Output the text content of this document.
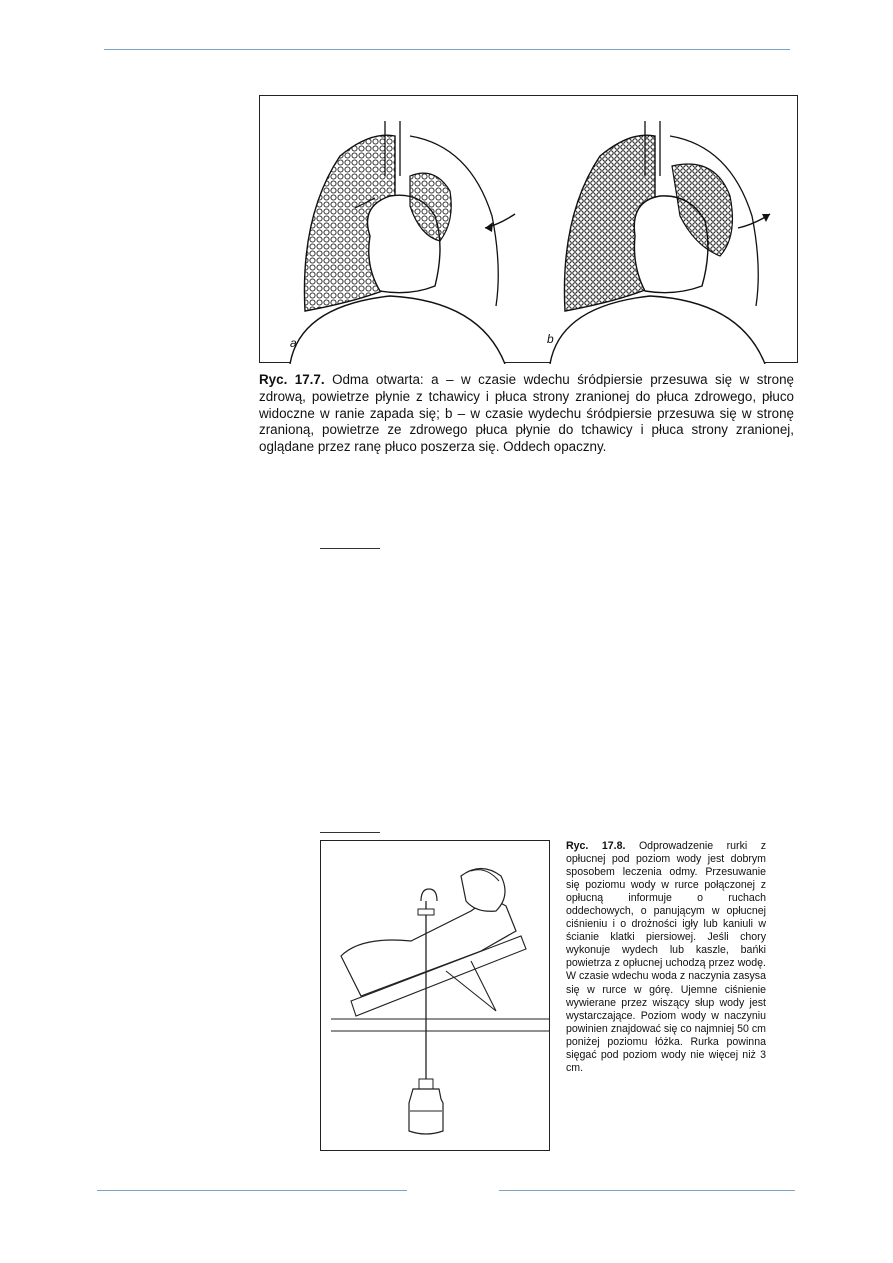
a	b
Ryc. 17.7. Odma otwarta: a – w czasie wdechu śródpiersie przesuwa się w stronę zdrową, powietrze płynie z tchawicy i płuca strony zranionej do płuca zdrowego, płuco widoczne w ranie zapada się; b – w czasie wydechu śródpiersie przesuwa się w stronę zranioną, powietrze ze zdrowego płuca płynie do tchawicy i płuca strony zranionej, oglądane przez ranę płuco poszerza się. Oddech opaczny.
Ryc. 17.8. Odprowadzenie rurki z opłucnej pod poziom wody jest dobrym sposobem leczenia odmy. Przesuwanie się poziomu wody w rurce połączonej z opłucną informuje o ruchach oddechowych, o panującym w opłucnej ciśnieniu i o drożności igły lub kaniuli w ścianie klatki piersiowej. Jeśli chory wykonuje wydech lub kaszle, bańki powietrza z opłucnej uchodzą przez wodę. W czasie wdechu woda z naczynia zasysa się w rurce w górę. Ujemne ciśnienie wywierane przez wiszący słup wody jest wystarczające. Poziom wody w naczyniu powinien znajdować się co najmniej 50 cm poniżej poziomu łóżka. Rurka powinna sięgać pod poziom wody nie więcej niż 3 cm.
